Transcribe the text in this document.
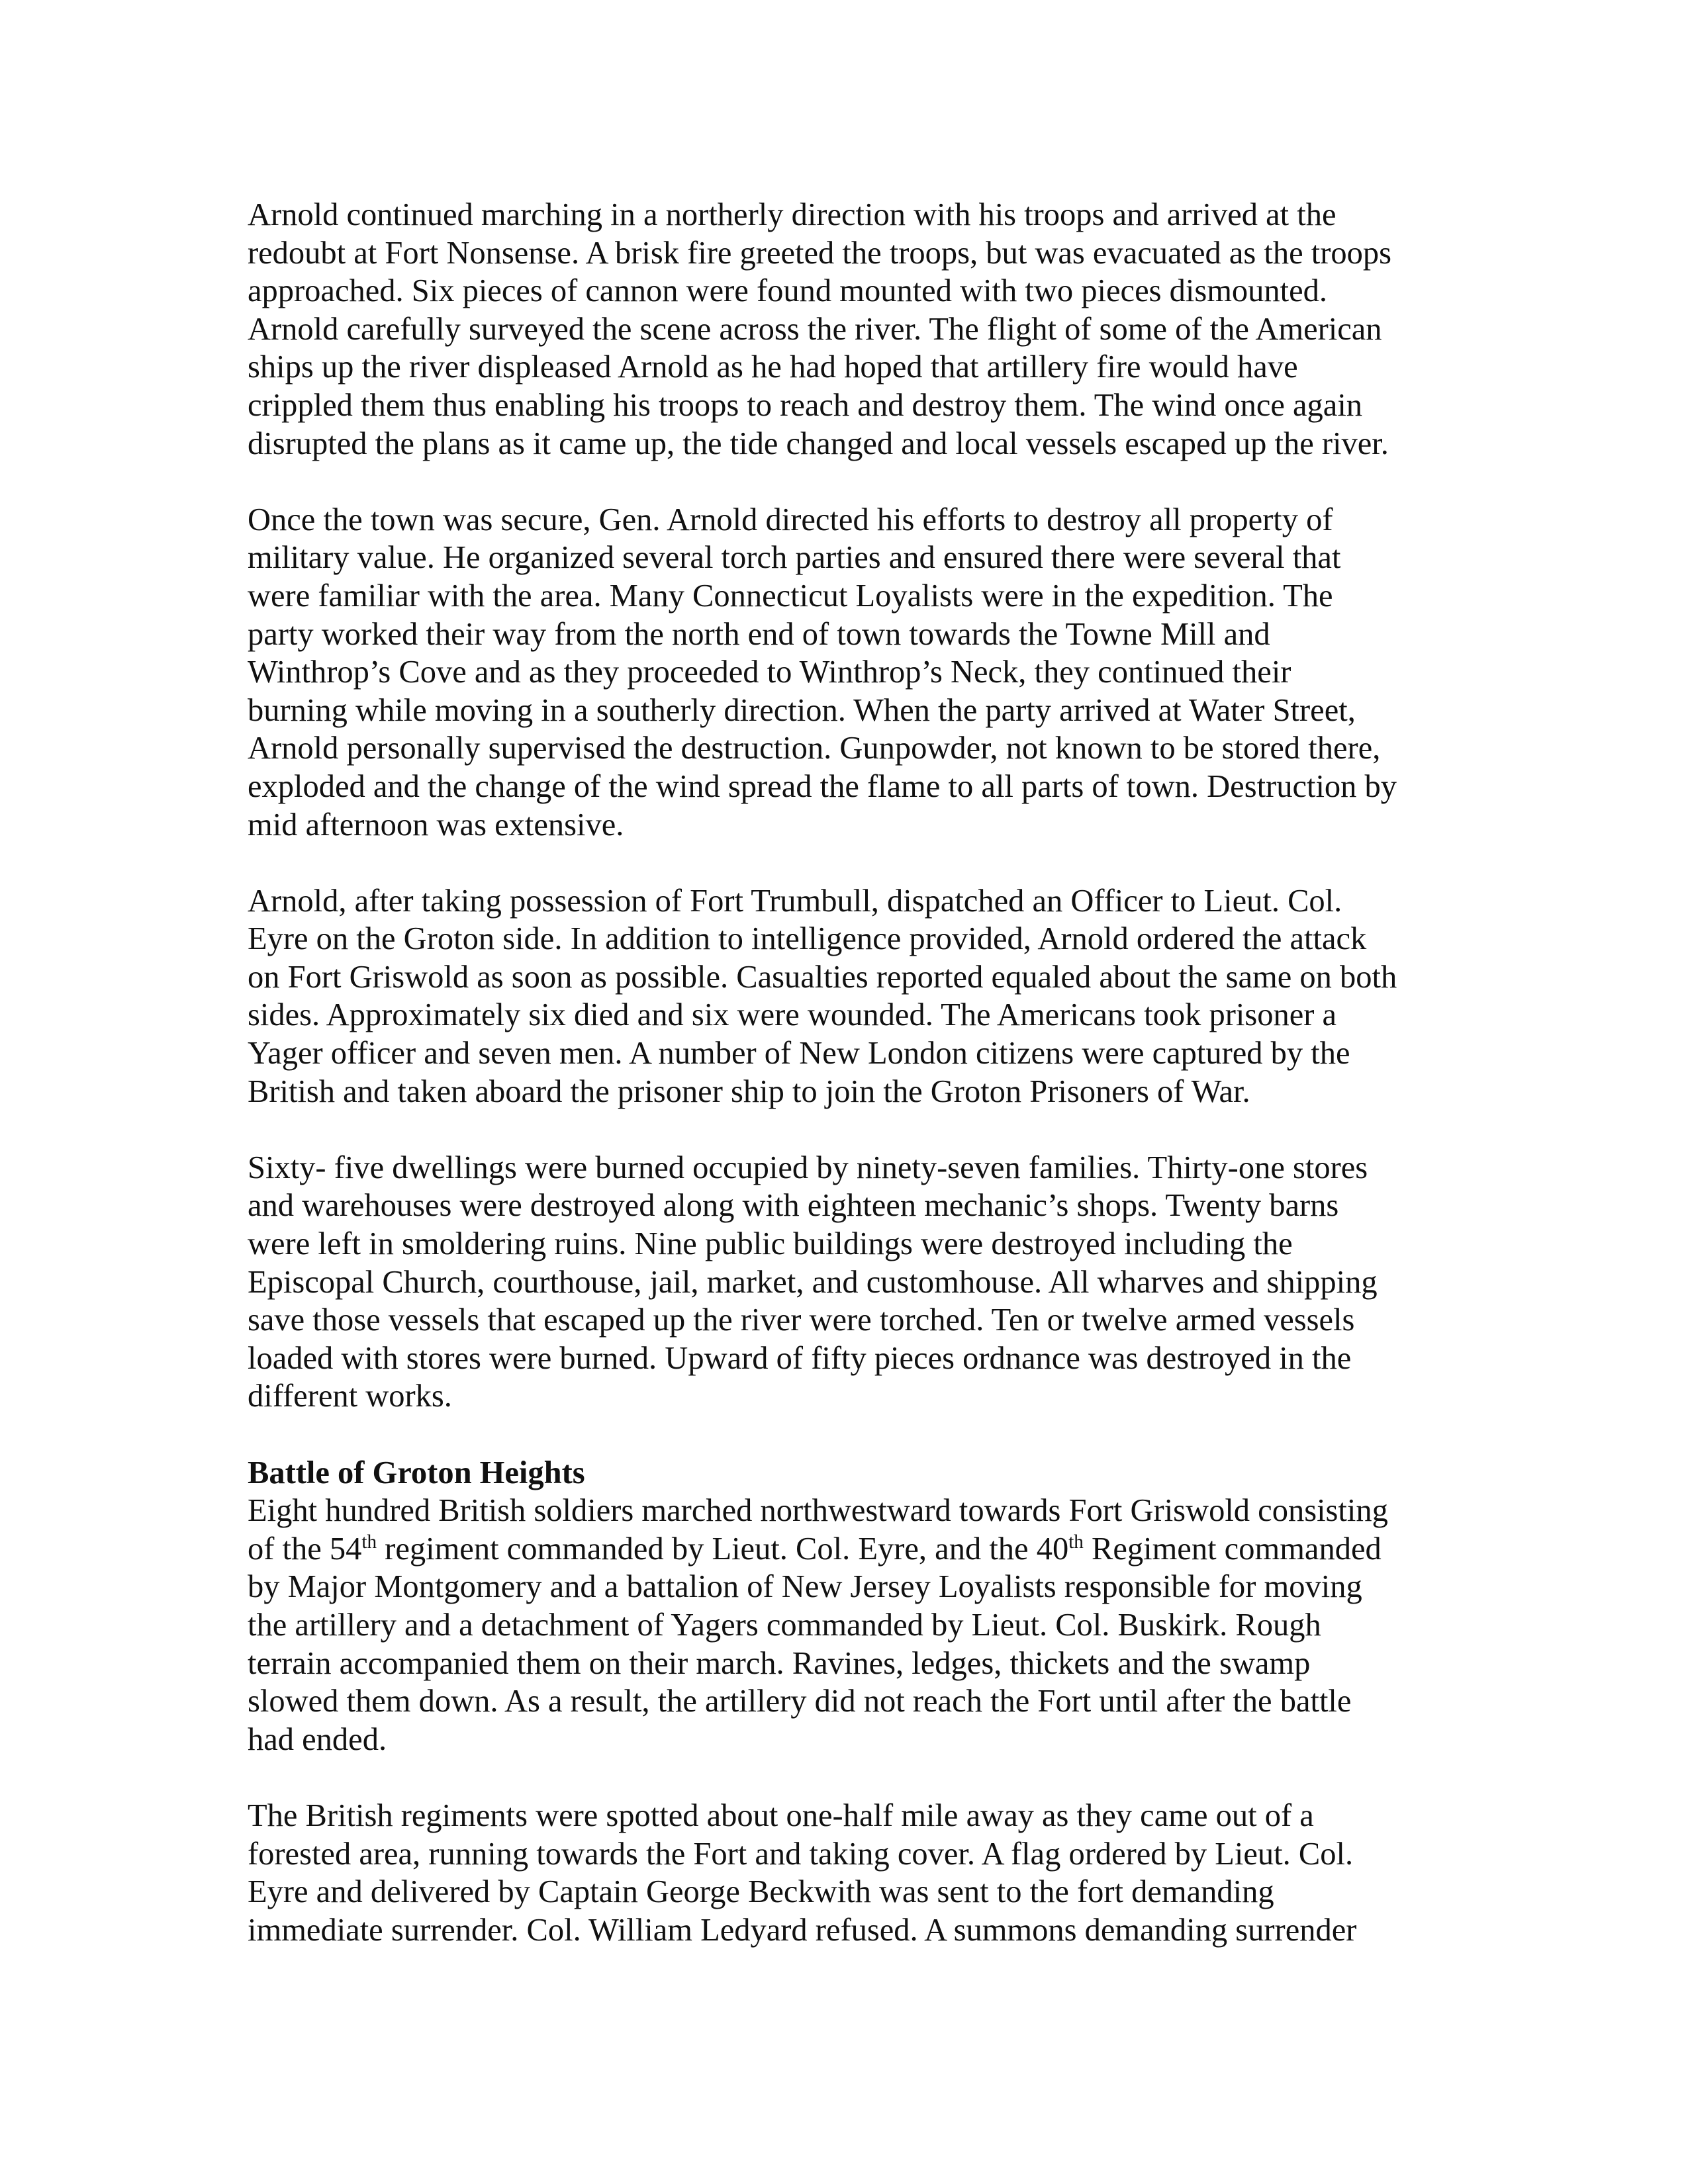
Arnold continued marching in a northerly direction with his troops and arrived at the
redoubt at Fort Nonsense. A brisk fire greeted the troops, but was evacuated as the troops
approached. Six pieces of cannon were found mounted with two pieces dismounted.
Arnold carefully surveyed the scene across the river. The flight of some of the American
ships up the river displeased Arnold as he had hoped that artillery fire would have
crippled them thus enabling his troops to reach and destroy them. The wind once again
disrupted the plans as it came up, the tide changed and local vessels escaped up the river.

Once the town was secure, Gen. Arnold directed his efforts to destroy all property of
military value. He organized several torch parties and ensured there were several that
were familiar with the area. Many Connecticut Loyalists were in the expedition. The
party worked their way from the north end of town towards the Towne Mill and
Winthrop’s Cove and as they proceeded to Winthrop’s Neck, they continued their
burning while moving in a southerly direction. When the party arrived at Water Street,
Arnold personally supervised the destruction. Gunpowder, not known to be stored there,
exploded and the change of the wind spread the flame to all parts of town. Destruction by
mid afternoon was extensive.

Arnold, after taking possession of Fort Trumbull, dispatched an Officer to Lieut. Col.
Eyre on the Groton side. In addition to intelligence provided, Arnold ordered the attack
on Fort Griswold as soon as possible. Casualties reported equaled about the same on both
sides. Approximately six died and six were wounded. The Americans took prisoner a
Yager officer and seven men. A number of New London citizens were captured by the
British and taken aboard the prisoner ship to join the Groton Prisoners of War.

Sixty- five dwellings were burned occupied by ninety-seven families. Thirty-one stores
and warehouses were destroyed along with eighteen mechanic’s shops. Twenty barns
were left in smoldering ruins. Nine public buildings were destroyed including the
Episcopal Church, courthouse, jail, market, and customhouse. All wharves and shipping
save those vessels that escaped up the river were torched. Ten or twelve armed vessels
loaded with stores were burned. Upward of fifty pieces ordnance was destroyed in the
different works.

Battle of Groton Heights
Eight hundred British soldiers marched northwestward towards Fort Griswold consisting
of the 54th regiment commanded by Lieut. Col. Eyre, and the 40th Regiment commanded
by Major Montgomery and a battalion of New Jersey Loyalists responsible for moving
the artillery and a detachment of Yagers commanded by Lieut. Col. Buskirk. Rough
terrain accompanied them on their march. Ravines, ledges, thickets and the swamp
slowed them down. As a result, the artillery did not reach the Fort until after the battle
had ended.

The British regiments were spotted about one-half mile away as they came out of a
forested area, running towards the Fort and taking cover. A flag ordered by Lieut. Col.
Eyre and delivered by Captain George Beckwith was sent to the fort demanding
immediate surrender. Col. William Ledyard refused. A summons demanding surrender
